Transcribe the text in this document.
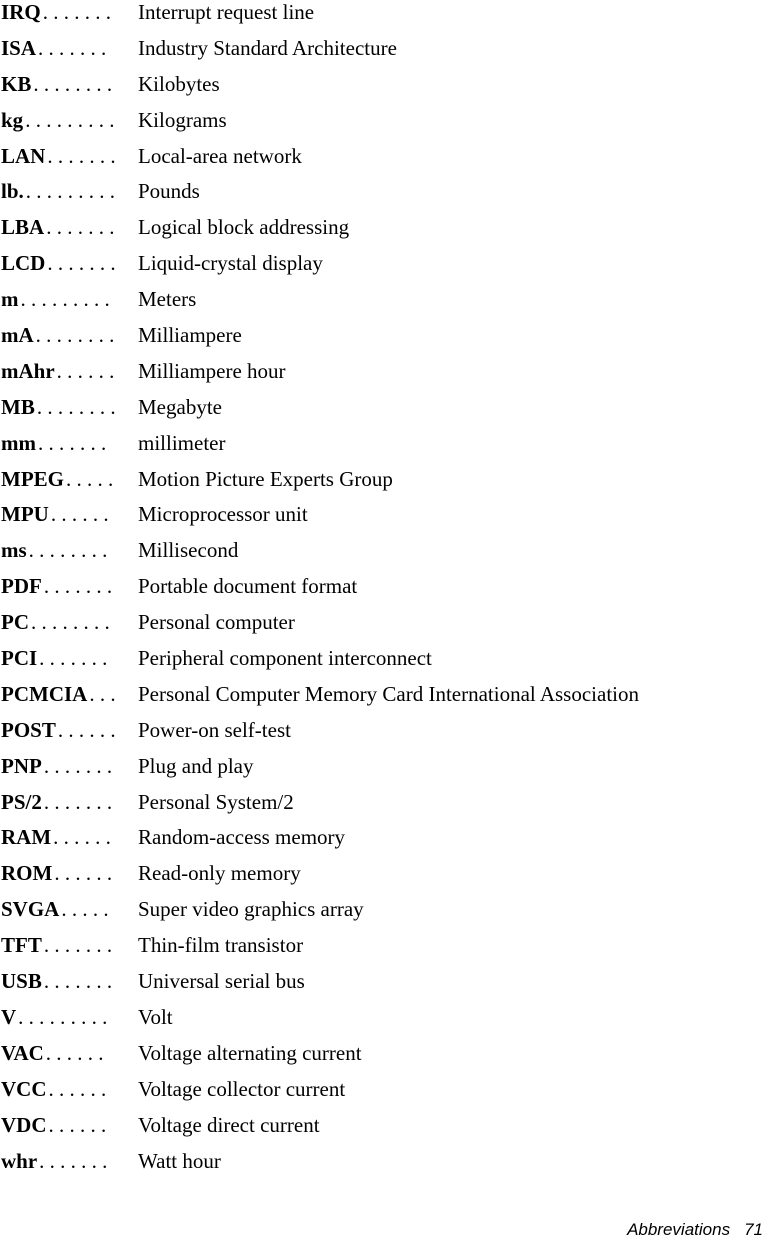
IRQ . . . . . . . Interrupt request line
ISA . . . . . . . Industry Standard Architecture
KB . . . . . . . . Kilobytes
kg . . . . . . . . . Kilograms
LAN . . . . . . . Local-area network
lb. . . . . . . . . . Pounds
LBA . . . . . . . Logical block addressing
LCD . . . . . . . Liquid-crystal display
m . . . . . . . . . Meters
mA . . . . . . . . Milliampere
mAhr . . . . . . Milliampere hour
MB . . . . . . . . Megabyte
mm . . . . . . . millimeter
MPEG . . . . . Motion Picture Experts Group
MPU . . . . . . Microprocessor unit
ms . . . . . . . . Millisecond
PDF . . . . . . . Portable document format
PC . . . . . . . . Personal computer
PCI . . . . . . . Peripheral component interconnect
PCMCIA . . . Personal Computer Memory Card International Association
POST . . . . . . Power-on self-test
PNP . . . . . . . Plug and play
PS/2 . . . . . . . Personal System/2
RAM . . . . . . Random-access memory
ROM . . . . . . Read-only memory
SVGA . . . . . Super video graphics array
TFT . . . . . . . Thin-film transistor
USB . . . . . . . Universal serial bus
V . . . . . . . . . Volt
VAC . . . . . . Voltage alternating current
VCC . . . . . . Voltage collector current
VDC . . . . . . Voltage direct current
whr . . . . . . . Watt hour
Abbreviations 71
